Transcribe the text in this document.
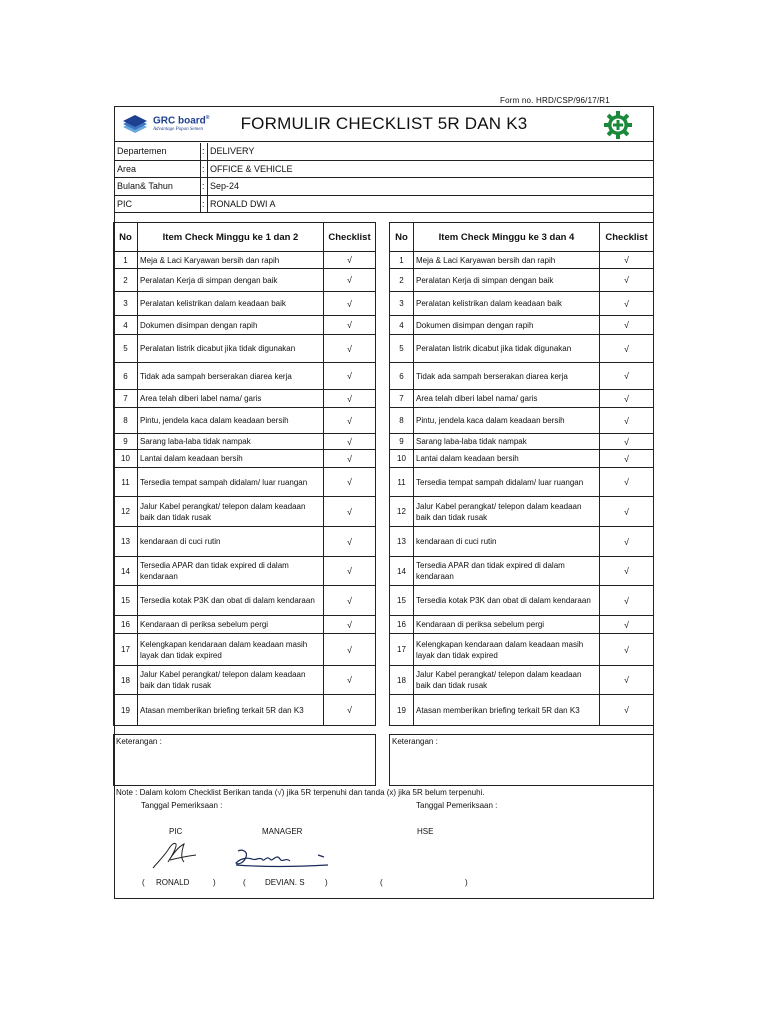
Form no. HRD/CSP/96/17/R1
GRC board®
Advantage Papan Semen	FORMULIR CHECKLIST 5R DAN K3
Departemen	: DELIVERY
Area	: OFFICE & VEHICLE
Bulan& Tahun	: Sep-24
PIC	: RONALD DWI A
No	Item Check Minggu ke 1 dan 2	Checklist
1	Meja & Laci Karyawan bersih dan rapih	√
2	Peralatan Kerja di simpan dengan baik	√
3	Peralatan kelistrikan dalam keadaan baik	√
4	Dokumen disimpan dengan rapih	√
5	Peralatan listrik dicabut jika tidak digunakan	√
6	Tidak ada sampah berserakan diarea kerja	√
7	Area telah diberi label nama/ garis	√
8	Pintu, jendela kaca dalam keadaan bersih	√
9	Sarang laba-laba tidak nampak	√
10	Lantai dalam keadaan bersih	√
11	Tersedia tempat sampah didalam/ luar ruangan	√
12	Jalur Kabel perangkat/ telepon dalam keadaan baik dan tidak rusak	√
13	kendaraan di cuci rutin	√
14	Tersedia APAR dan tidak expired di dalam kendaraan	√
15	Tersedia kotak P3K dan obat di dalam kendaraan	√
16	Kendaraan di periksa sebelum pergi	√
17	Kelengkapan kendaraan dalam keadaan masih layak dan tidak expired	√
18	Jalur Kabel perangkat/ telepon dalam keadaan baik dan tidak rusak	√
19	Atasan memberikan briefing terkait 5R dan K3	√
No	Item Check Minggu ke 3 dan 4	Checklist
1	Meja & Laci Karyawan bersih dan rapih	√
2	Peralatan Kerja di simpan dengan baik	√
3	Peralatan kelistrikan dalam keadaan baik	√
4	Dokumen disimpan dengan rapih	√
5	Peralatan listrik dicabut jika tidak digunakan	√
6	Tidak ada sampah berserakan diarea kerja	√
7	Area telah diberi label nama/ garis	√
8	Pintu, jendela kaca dalam keadaan bersih	√
9	Sarang laba-laba tidak nampak	√
10	Lantai dalam keadaan bersih	√
11	Tersedia tempat sampah didalam/ luar ruangan	√
12	Jalur Kabel perangkat/ telepon dalam keadaan baik dan tidak rusak	√
13	kendaraan di cuci rutin	√
14	Tersedia APAR dan tidak expired di dalam kendaraan	√
15	Tersedia kotak P3K dan obat di dalam kendaraan	√
16	Kendaraan di periksa sebelum pergi	√
17	Kelengkapan kendaraan dalam keadaan masih layak dan tidak expired	√
18	Jalur Kabel perangkat/ telepon dalam keadaan baik dan tidak rusak	√
19	Atasan memberikan briefing terkait 5R dan K3	√
Keterangan :	Keterangan :
Note : Dalam kolom Checklist Berikan tanda (√) jika 5R terpenuhi dan tanda (x) jika 5R belum terpenuhi.
Tanggal Pemeriksaan :	Tanggal Pemeriksaan :
PIC	MANAGER	HSE
( RONALD	)	( DEVIAN. S	)	(	)
